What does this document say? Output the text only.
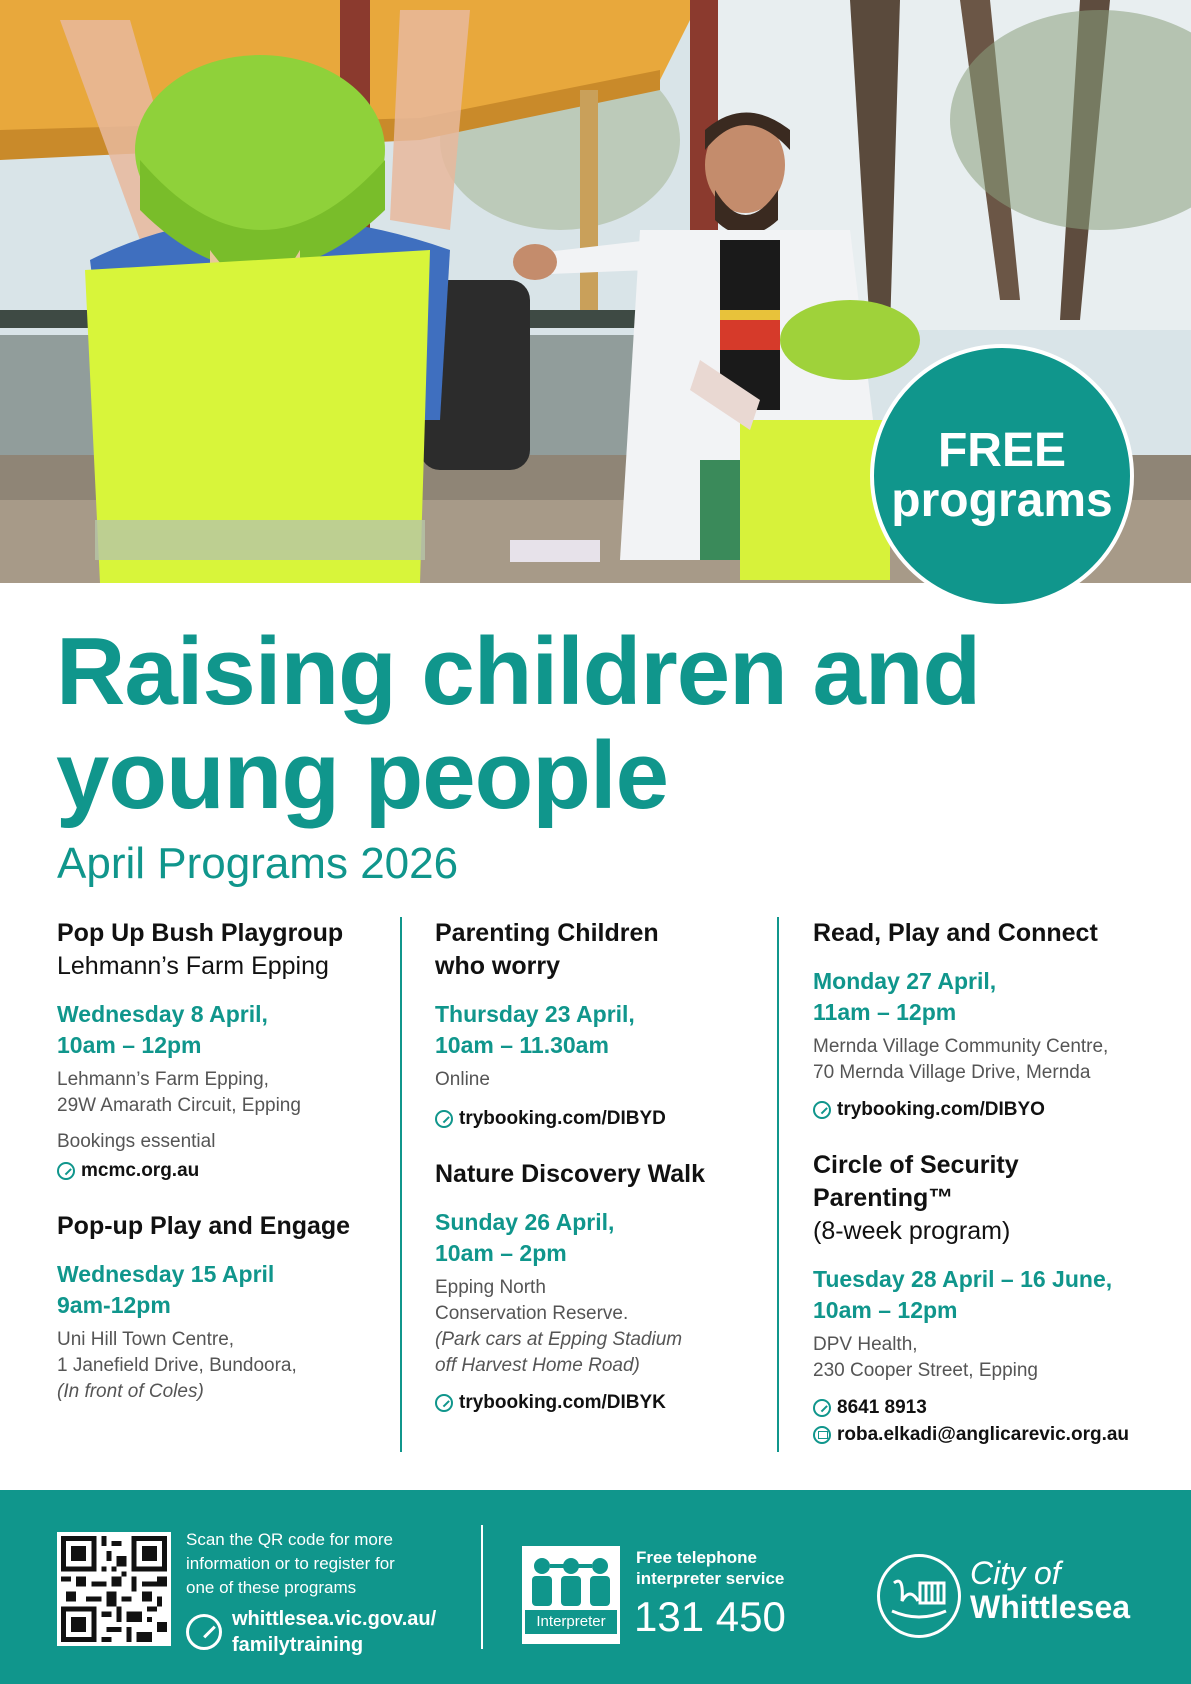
FREE
programs
Raising children and
young people
April Programs 2026
Pop Up Bush Playgroup
Lehmann’s Farm Epping
Wednesday 8 April,
10am – 12pm
Lehmann’s Farm Epping,
29W Amarath Circuit, Epping
Bookings essential
mcmc.org.au
Pop-up Play and Engage
Wednesday 15 April
9am-12pm
Uni Hill Town Centre,
1 Janefield Drive, Bundoora,
(In front of Coles)
Parenting Children
who worry
Thursday 23 April,
10am – 11.30am
Online
trybooking.com/DIBYD
Nature Discovery Walk
Sunday 26 April,
10am – 2pm
Epping North
Conservation Reserve.
(Park cars at Epping Stadium
off Harvest Home Road)
trybooking.com/DIBYK
Read, Play and Connect
Monday 27 April,
11am – 12pm
Mernda Village Community Centre,
70 Mernda Village Drive, Mernda
trybooking.com/DIBYO
Circle of Security
Parenting™
(8-week program)
Tuesday 28 April – 16 June,
10am – 12pm
DPV Health,
230 Cooper Street, Epping
8641 8913
roba.elkadi@anglicarevic.org.au
Scan the QR code for more
information or to register for
one of these programs
whittlesea.vic.gov.au/
familytraining
Interpreter
Free telephone
interpreter service
131 450
City of
Whittlesea
